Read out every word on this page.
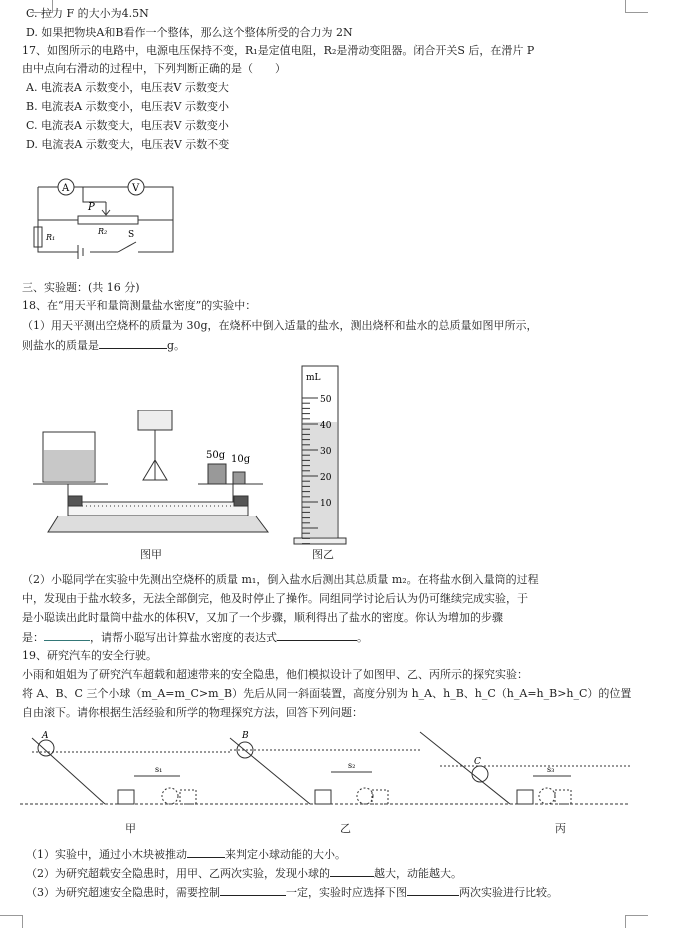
C. 拉力 F 的大小为4.5N
D. 如果把物块A和B看作一个整体，那么这个整体所受的合力为 2N
17、如图所示的电路中，电源电压保持不变，R₁是定值电阻，R₂是滑动变阻器。闭合开关S 后，在滑片 P
由中点向右滑动的过程中，下列判断正确的是（　　）
A. 电流表A 示数变小，电压表V 示数变大
B. 电流表A 示数变小，电压表V 示数变小
C. 电流表A 示数变大，电压表V 示数变小
D. 电流表A 示数变大，电压表V 示数不变
A	V
P
R₂
R₁	S
三、实验题：(共 16 分)
18、在“用天平和量筒测量盐水密度”的实验中：
（1）用天平测出空烧杯的质量为 30g，在烧杯中倒入适量的盐水，测出烧杯和盐水的总质量如图甲所示，
则盐水的质量是	g。
50g 10g
图甲
mL
50
40
30
20
10
图乙
（2）小聪同学在实验中先测出空烧杯的质量 m₁，倒入盐水后测出其总质量 m₂。在将盐水倒入量筒的过程
中，发现由于盐水较多，无法全部倒完，他及时停止了操作。同组同学讨论后认为仍可继续完成实验，于
是小聪读出此时量筒中盐水的体积V，又加了一个步骤，顺利得出了盐水的密度。你认为增加的步骤
是：	，请帮小聪写出计算盐水密度的表达式	。
19、研究汽车的安全行驶。
小雨和姐姐为了研究汽车超载和超速带来的安全隐患，他们模拟设计了如图甲、乙、丙所示的探究实验：
将 A、B、C 三个小球（m_A=m_C>m_B）先后从同一斜面装置，高度分别为 h_A、h_B、h_C（h_A=h_B>h_C）的位置
自由滚下。请你根据生活经验和所学的物理探究方法，回答下列问题：
A	B
C
s₁	s₂	s₃
甲	乙	丙
（1）实验中，通过小木块被推动	来判定小球动能的大小。
（2）为研究超载安全隐患时，用甲、乙两次实验，发现小球的	越大，动能越大。
（3）为研究超速安全隐患时，需要控制	一定，实验时应选择下图	两次实验进行比较。
